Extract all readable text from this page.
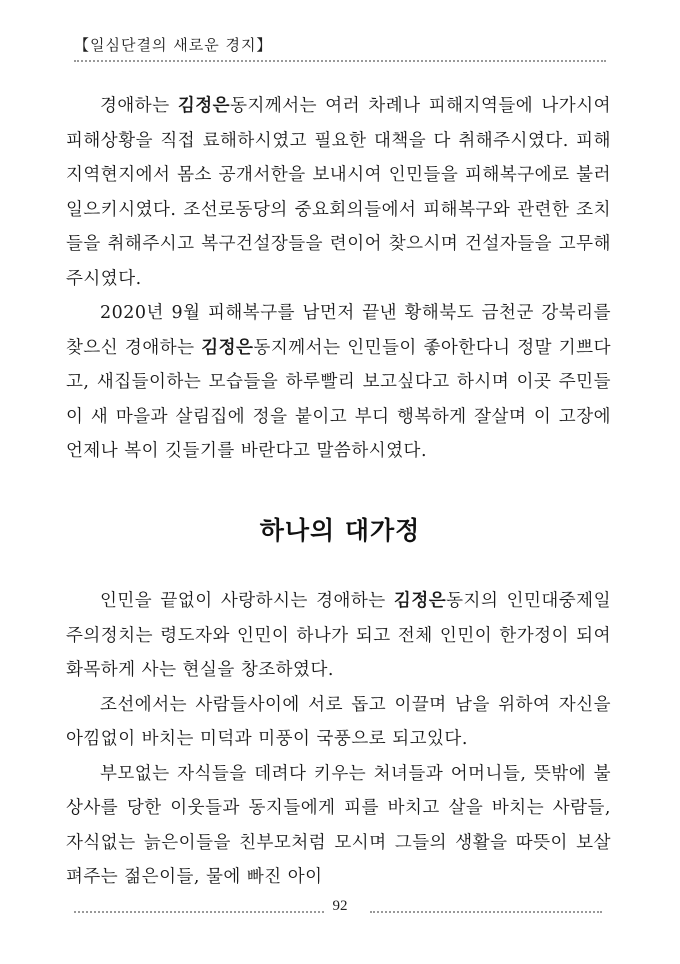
【일심단결의 새로운 경지】

경애하는 김정은동지께서는 여러 차례나 피해지역들에 나가시여 피해상황을 직접 료해하시였고 필요한 대책을 다 취해주시였다. 피해지역현지에서 몸소 공개서한을 보내시여 인민들을 피해복구에로 불러일으키시였다. 조선로동당의 중요회의들에서 피해복구와 관련한 조치들을 취해주시고 복구건설장들을 련이어 찾으시며 건설자들을 고무해주시였다.

2020년 9월 피해복구를 남먼저 끝낸 황해북도 금천군 강북리를 찾으신 경애하는 김정은동지께서는 인민들이 좋아한다니 정말 기쁘다고, 새집들이하는 모습들을 하루빨리 보고싶다고 하시며 이곳 주민들이 새 마을과 살림집에 정을 붙이고 부디 행복하게 잘살며 이 고장에 언제나 복이 깃들기를 바란다고 말씀하시였다.

하나의 대가정

인민을 끝없이 사랑하시는 경애하는 김정은동지의 인민대중제일주의정치는 령도자와 인민이 하나가 되고 전체 인민이 한가정이 되여 화목하게 사는 현실을 창조하였다.

조선에서는 사람들사이에 서로 돕고 이끌며 남을 위하여 자신을 아낌없이 바치는 미덕과 미풍이 국풍으로 되고있다.

부모없는 자식들을 데려다 키우는 처녀들과 어머니들, 뜻밖에 불상사를 당한 이웃들과 동지들에게 피를 바치고 살을 바치는 사람들, 자식없는 늙은이들을 친부모처럼 모시며 그들의 생활을 따뜻이 보살펴주는 젊은이들, 물에 빠진 아이

92
